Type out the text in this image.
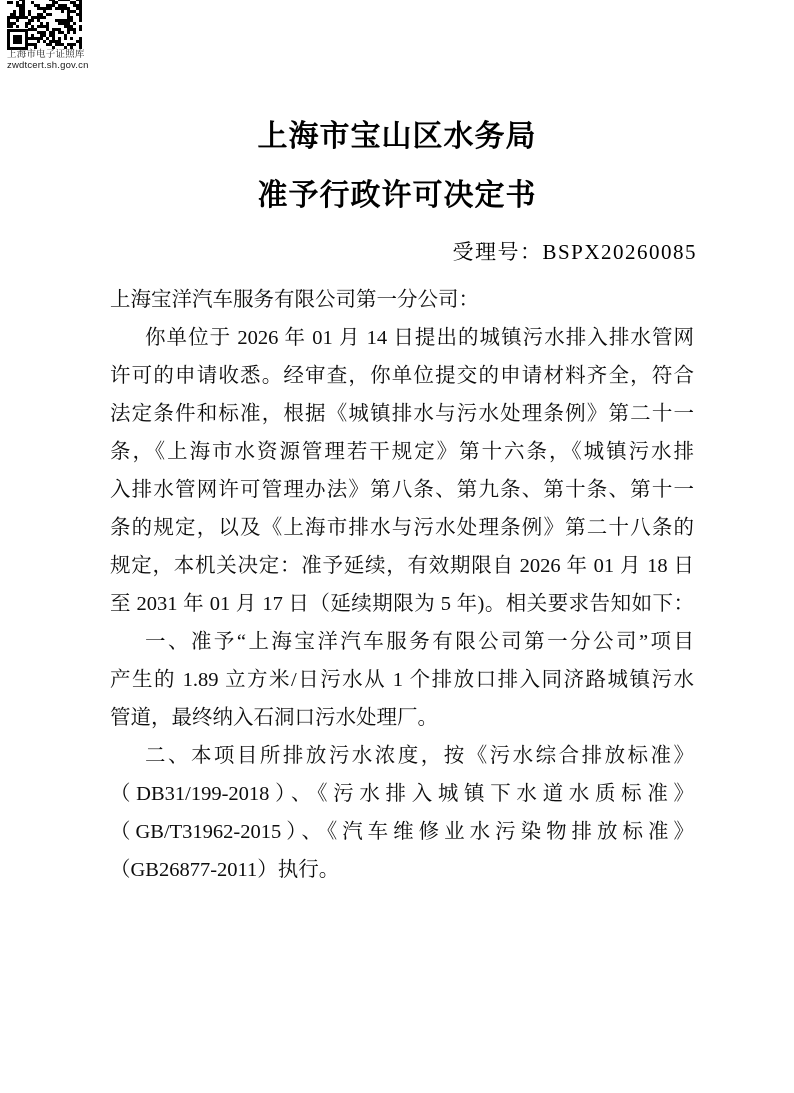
上海市电子证照库
zwdtcert.sh.gov.cn
上海市宝山区水务局
准予行政许可决定书
受理号：BSPX20260085
上海宝洋汽车服务有限公司第一分公司：
你单位于 2026 年 01 月 14 日提出的城镇污水排入排水管网
许可的申请收悉。经审查，你单位提交的申请材料齐全，符合
法定条件和标准，根据《城镇排水与污水处理条例》第二十一
条，《上海市水资源管理若干规定》第十六条，《城镇污水排
入排水管网许可管理办法》第八条、第九条、第十条、第十一
条的规定，以及《上海市排水与污水处理条例》第二十八条的
规定，本机关决定：准予延续，有效期限自 2026 年 01 月 18 日
至 2031 年 01 月 17 日（延续期限为 5 年)。相关要求告知如下：
一、准予“上海宝洋汽车服务有限公司第一分公司”项目
产生的 1.89 立方米/日污水从 1 个排放口排入同济路城镇污水
管道，最终纳入石洞口污水处理厂。
二、本项目所排放污水浓度，按《污水综合排放标准》
（DB31/199-2018）、《污水排入城镇下水道水质标准》
（GB/T31962-2015）、《汽车维修业水污染物排放标准》
（GB26877-2011）执行。
